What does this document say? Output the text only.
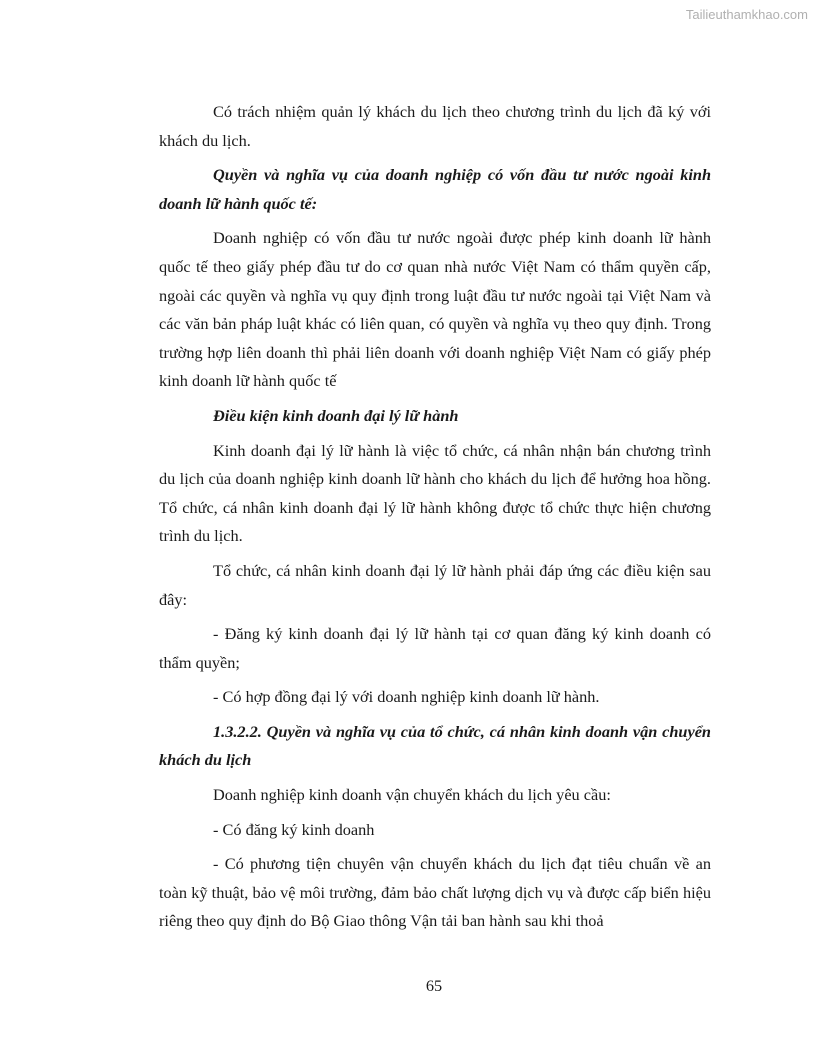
Tailieuthamkhao.com

Có trách nhiệm quản lý khách du lịch theo chương trình du lịch đã ký với khách du lịch.

Quyền và nghĩa vụ của doanh nghiệp có vốn đầu tư nước ngoài kinh doanh lữ hành quốc tế:

Doanh nghiệp có vốn đầu tư nước ngoài được phép kinh doanh lữ hành quốc tế theo giấy phép đầu tư do cơ quan nhà nước Việt Nam có thẩm quyền cấp, ngoài các quyền và nghĩa vụ quy định trong luật đầu tư nước ngoài tại Việt Nam và các văn bản pháp luật khác có liên quan, có quyền và nghĩa vụ theo quy định. Trong trường hợp liên doanh thì phải liên doanh với doanh nghiệp Việt Nam có giấy phép kinh doanh lữ hành quốc tế

Điều kiện kinh doanh đại lý lữ hành

Kinh doanh đại lý lữ hành là việc tổ chức, cá nhân nhận bán chương trình du lịch của doanh nghiệp kinh doanh lữ hành cho khách du lịch để hưởng hoa hồng. Tổ chức, cá nhân kinh doanh đại lý lữ hành không được tổ chức thực hiện chương trình du lịch.

Tổ chức, cá nhân kinh doanh đại lý lữ hành phải đáp ứng các điều kiện sau đây:

- Đăng ký kinh doanh đại lý lữ hành tại cơ quan đăng ký kinh doanh có thẩm quyền;

- Có hợp đồng đại lý với doanh nghiệp kinh doanh lữ hành.

1.3.2.2. Quyền và nghĩa vụ của tổ chức, cá nhân kinh doanh vận chuyển khách du lịch

Doanh nghiệp kinh doanh vận chuyển khách du lịch yêu cầu:

- Có đăng ký kinh doanh

- Có phương tiện chuyên vận chuyển khách du lịch đạt tiêu chuẩn về an toàn kỹ thuật, bảo vệ môi trường, đảm bảo chất lượng dịch vụ và được cấp biển hiệu riêng theo quy định do Bộ Giao thông Vận tải ban hành sau khi thoả

65
